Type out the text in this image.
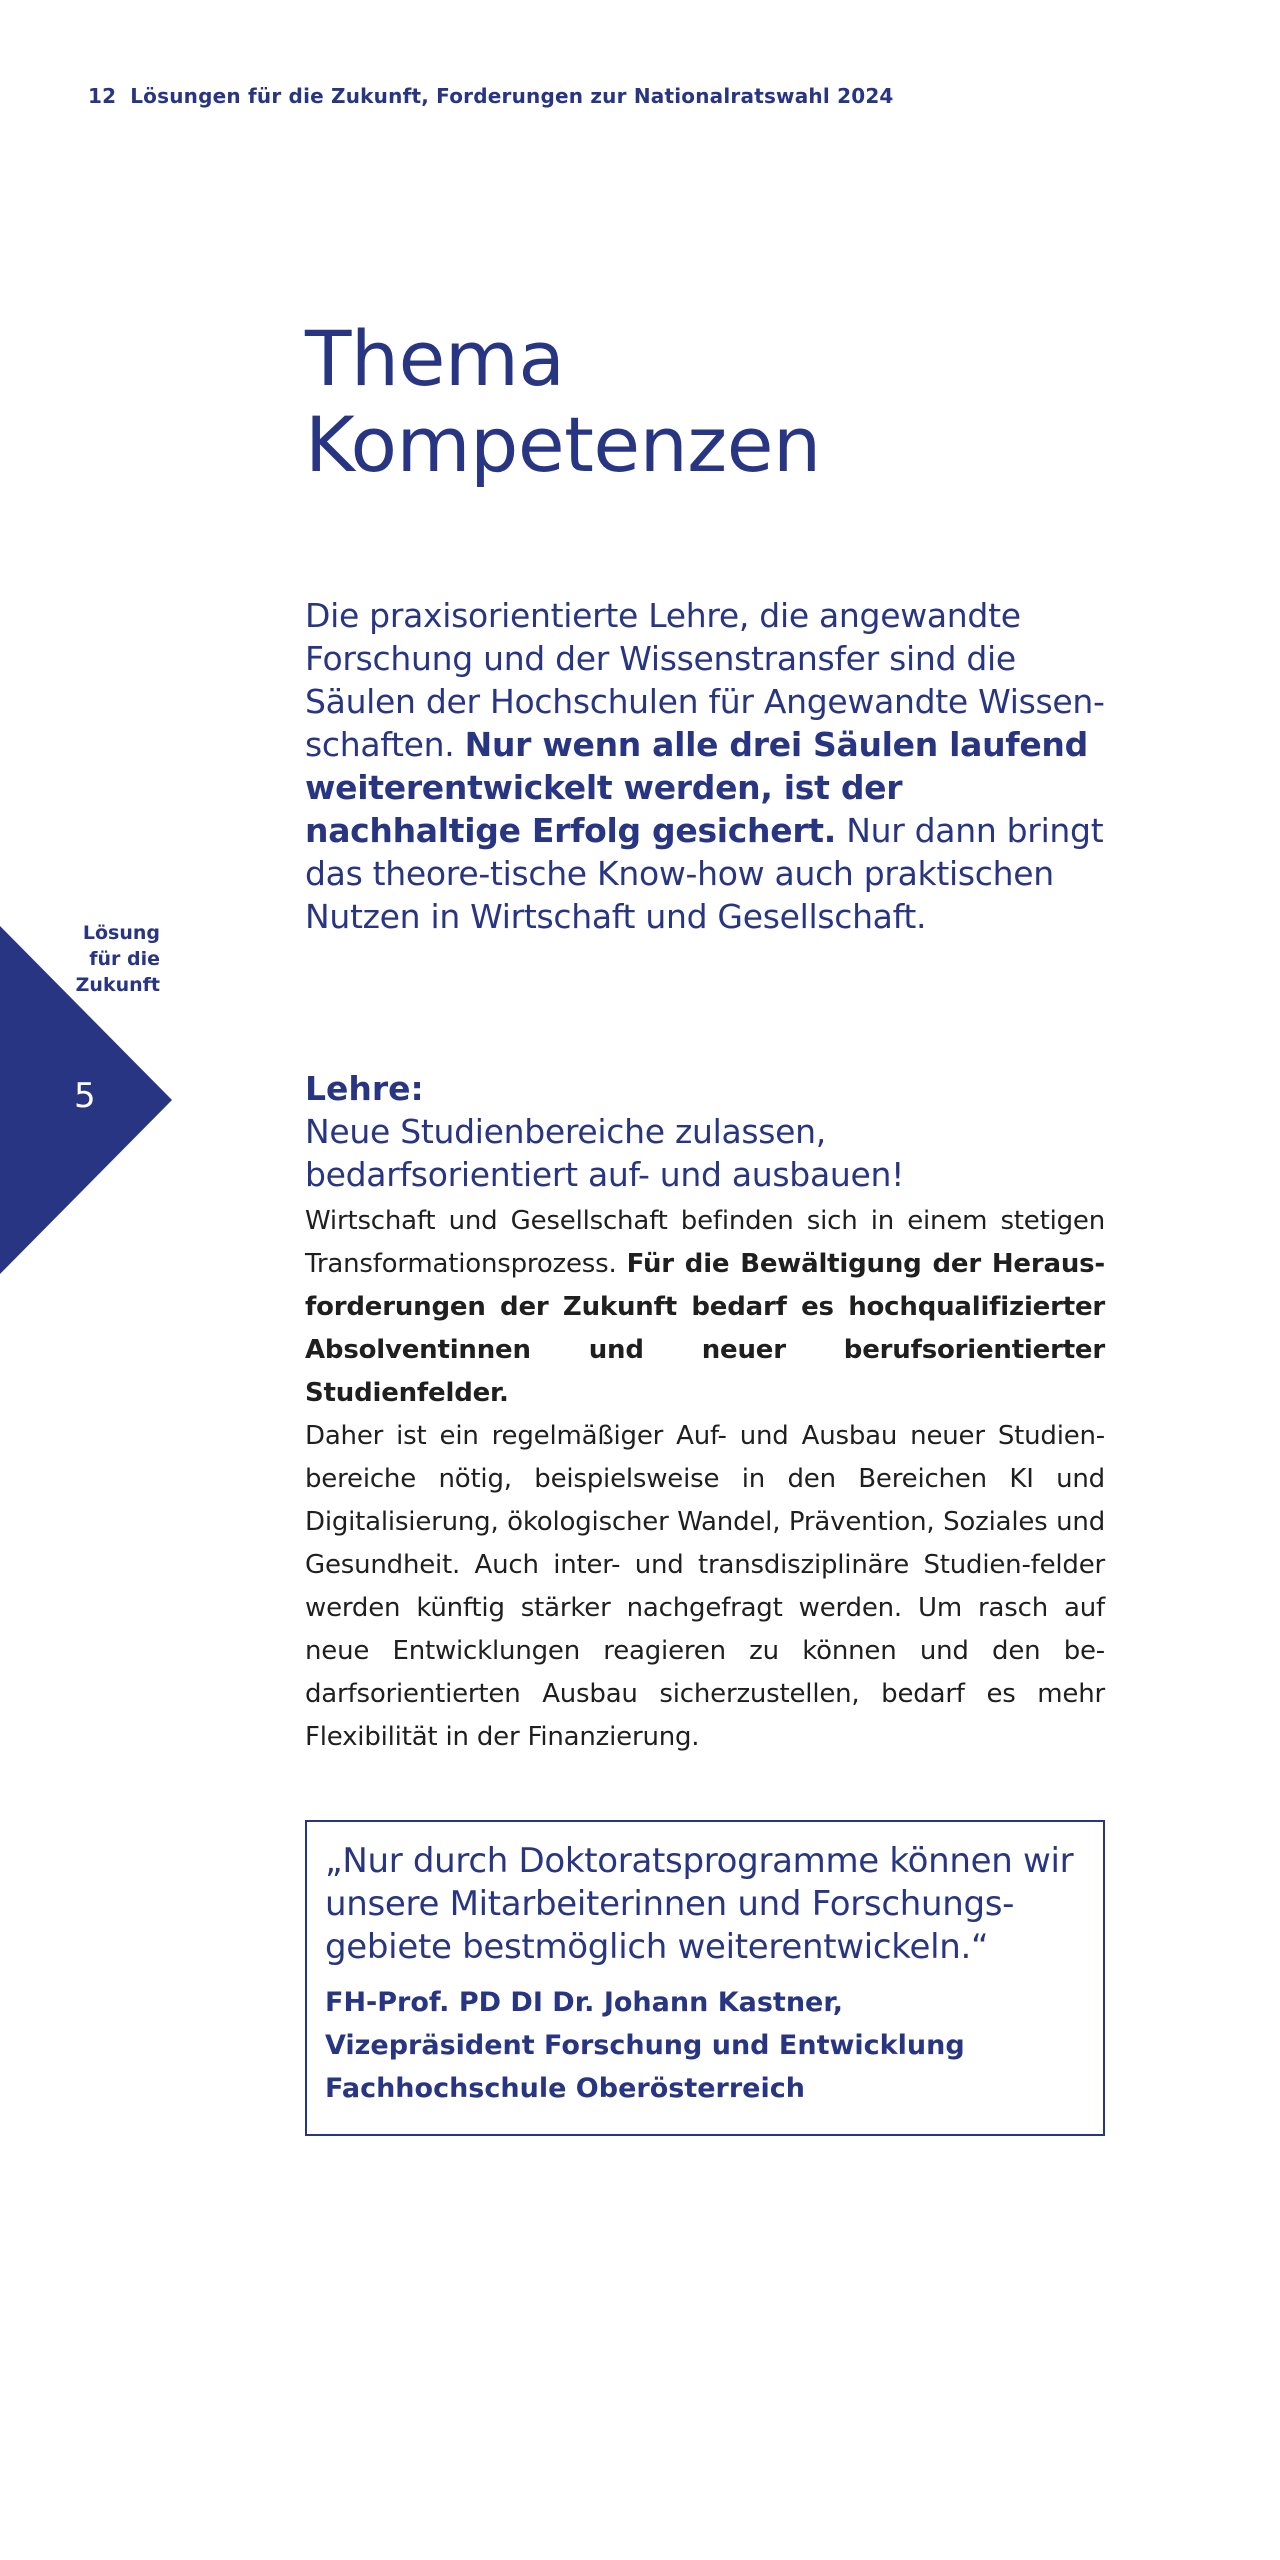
12 Lösungen für die Zukunft, Forderungen zur Nationalratswahl 2024
Thema
Kompetenzen

Die praxisorientierte Lehre, die angewandte Forschung und der Wissenstransfer sind die Säulen der Hochschulen für Angewandte Wissen-schaften. Nur wenn alle drei Säulen laufend weiterentwickelt werden, ist der nachhaltige Erfolg gesichert. Nur dann bringt das theore-tische Know-how auch praktischen Nutzen in Wirtschaft und Gesellschaft.

Lösung
für die
Zukunft
5	Lehre:
Neue Studienbereiche zulassen,
bedarfsorientiert auf- und ausbauen!

Wirtschaft und Gesellschaft befinden sich in einem stetigen Transformationsprozess. Für die Bewältigung der Heraus-forderungen der Zukunft bedarf es hochqualifizierter Absolventinnen und neuer berufsorientierter Studienfelder.

Daher ist ein regelmäßiger Auf- und Ausbau neuer Studien-bereiche nötig, beispielsweise in den Bereichen KI und Digitalisierung, ökologischer Wandel, Prävention, Soziales und Gesundheit. Auch inter- und transdisziplinäre Studien-felder werden künftig stärker nachgefragt werden. Um rasch auf neue Entwicklungen reagieren zu können und den be-darfsorientierten Ausbau sicherzustellen, bedarf es mehr Flexibilität in der Finanzierung.

„Nur durch Doktoratsprogramme können wir unsere Mitarbeiterinnen und Forschungs-gebiete bestmöglich weiterentwickeln.“
FH-Prof. PD DI Dr. Johann Kastner,
Vizepräsident Forschung und Entwicklung
Fachhochschule Oberösterreich
